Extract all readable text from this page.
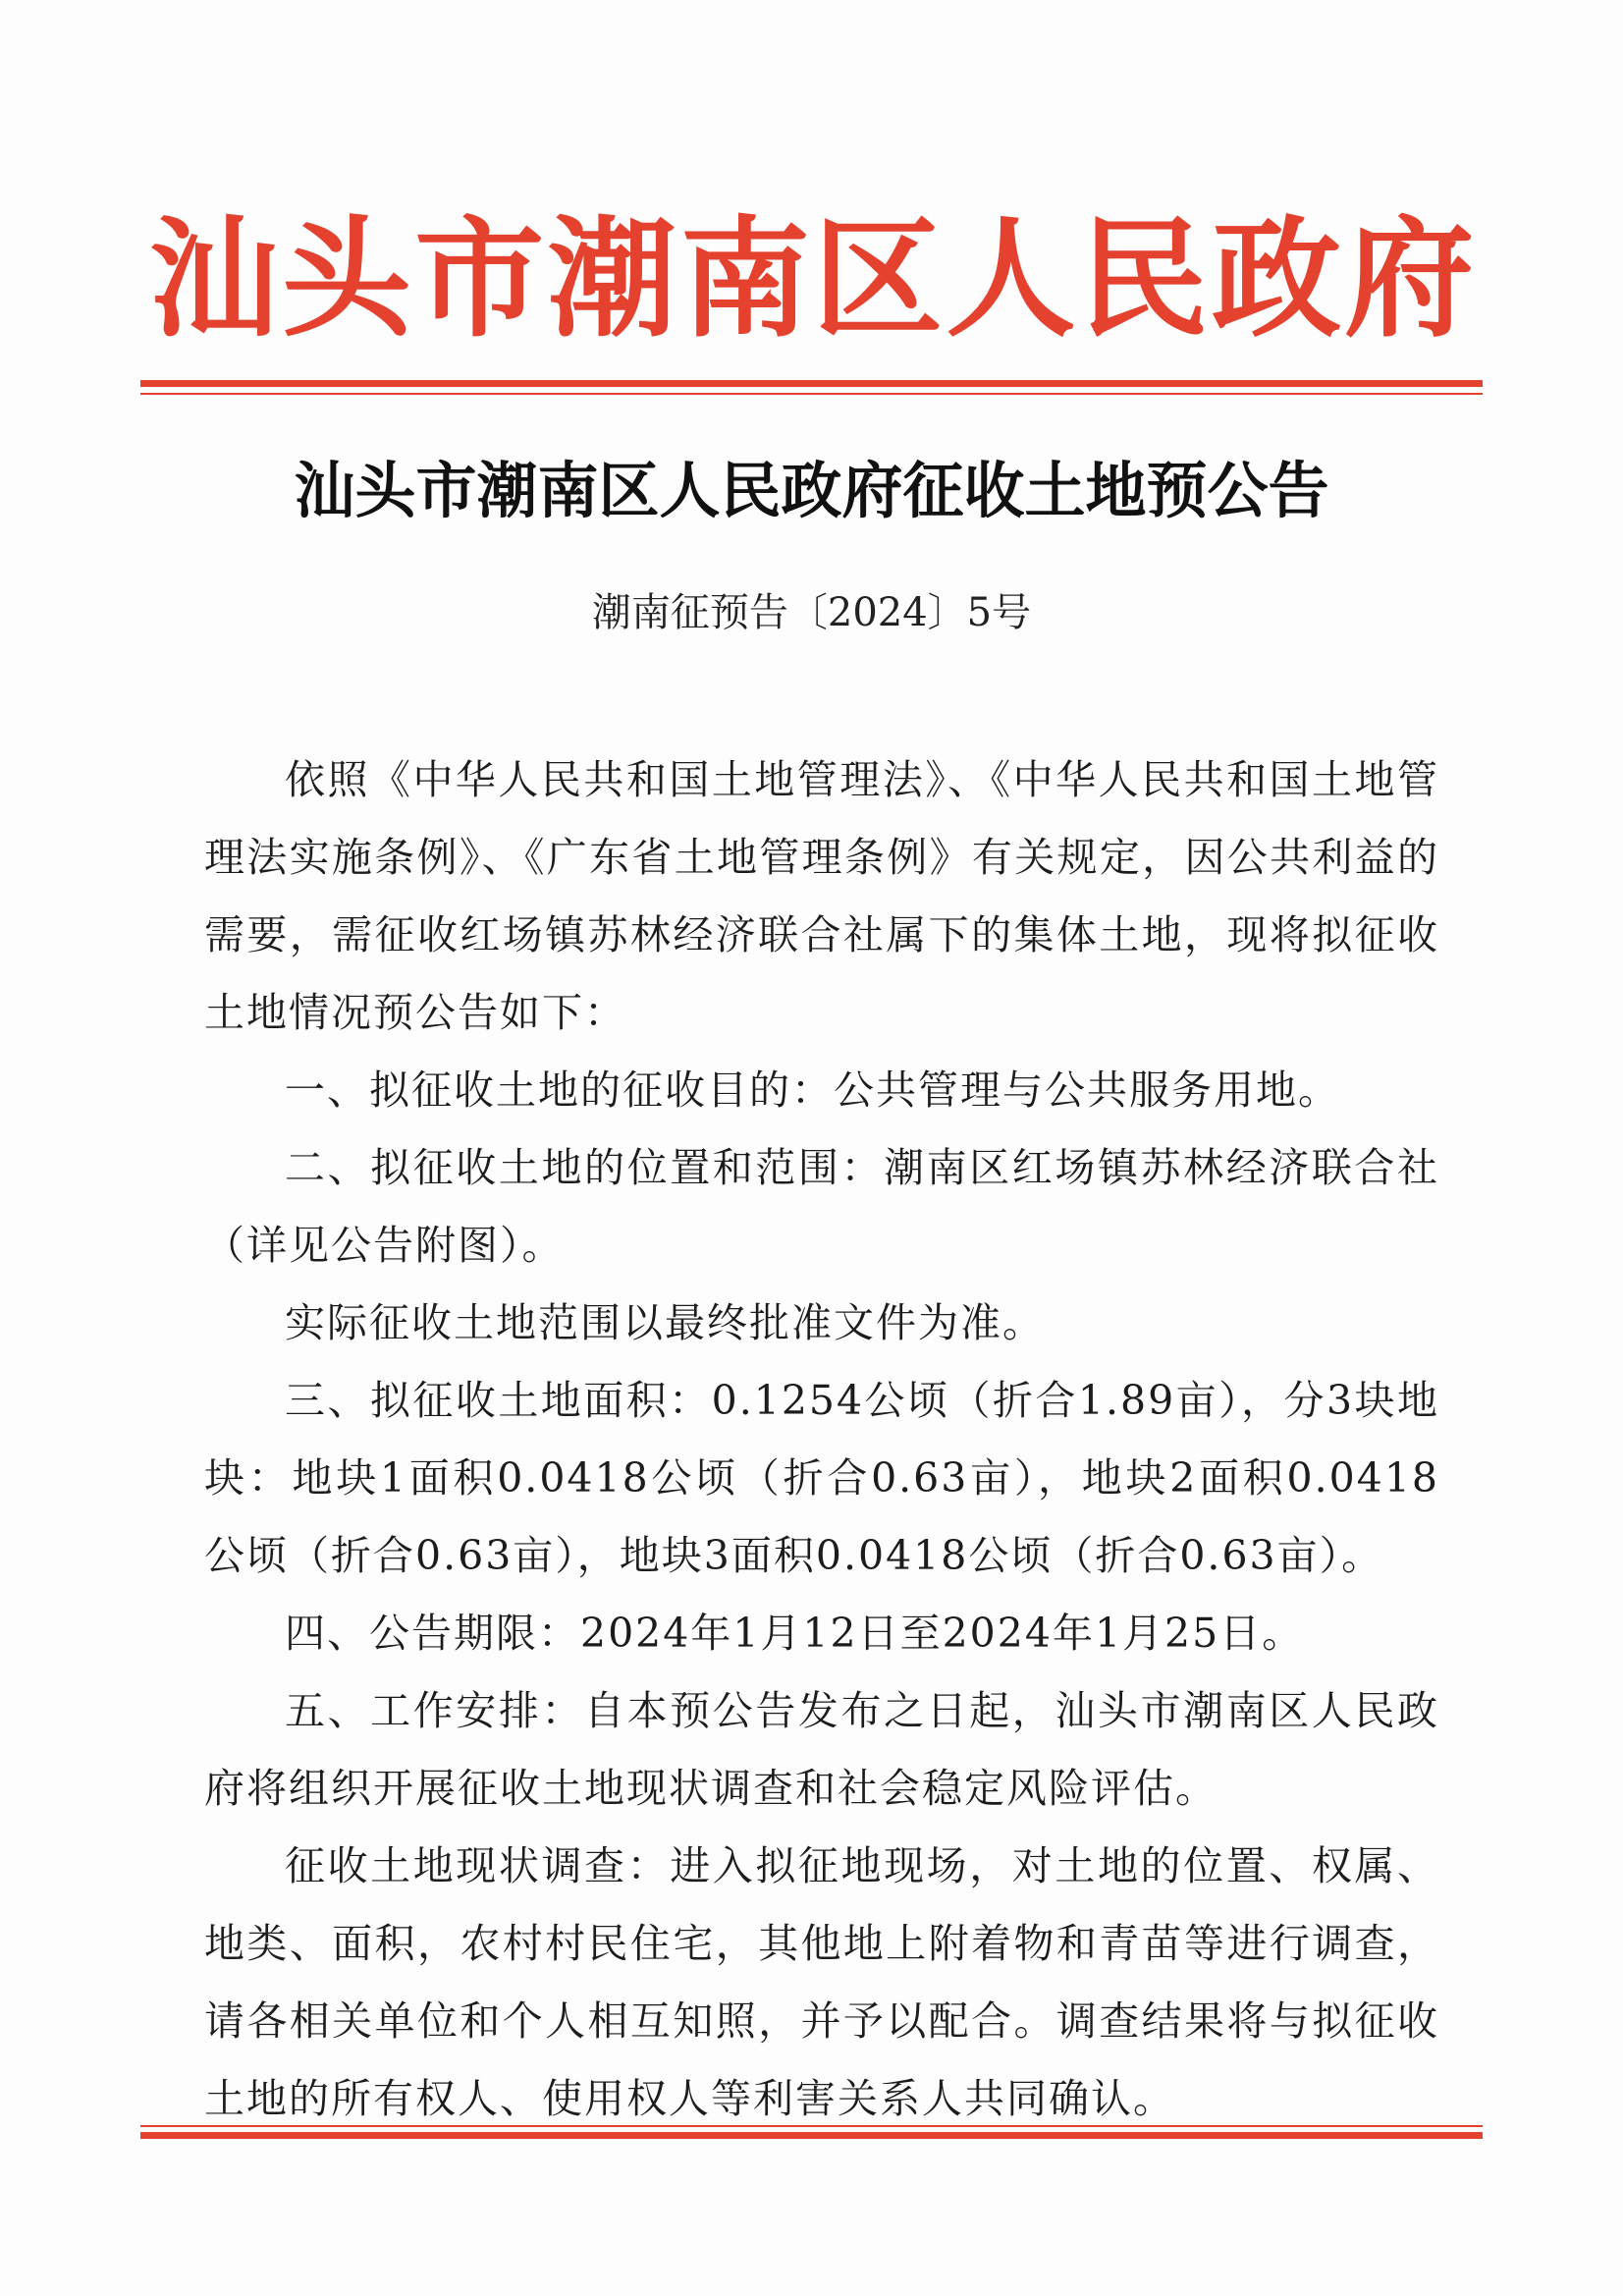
汕 头 市 潮 南 区 人 民 政 府
汕头市潮南区人民政府征收土地预公告
潮南征预告〔2024〕5号

依照《中华人民共和国土地管理法》、《中华人民共和国土地管理法实施条例》、《广东省土地管理条例》有关规定，因公共利益的需要，需征收红场镇苏林经济联合社属下的集体土地，现将拟征收土地情况预公告如下：

一、拟征收土地的征收目的：公共管理与公共服务用地。

二、拟征收土地的位置和范围：潮南区红场镇苏林经济联合社（详见公告附图）。

实际征收土地范围以最终批准文件为准。

三、拟征收土地面积：0.1254公顷（折合1.89亩），分3块地块：地块1面积0.0418公顷（折合0.63亩），地块2面积0.0418公顷（折合0.63亩），地块3面积0.0418公顷（折合0.63亩）。

四、公告期限：2024年1月12日至2024年1月25日。

五、工作安排：自本预公告发布之日起，汕头市潮南区人民政府将组织开展征收土地现状调查和社会稳定风险评估。

征收土地现状调查：进入拟征地现场，对土地的位置、权属、地类、面积，农村村民住宅，其他地上附着物和青苗等进行调查，请各相关单位和个人相互知照，并予以配合。调查结果将与拟征收土地的所有权人、使用权人等利害关系人共同确认。
